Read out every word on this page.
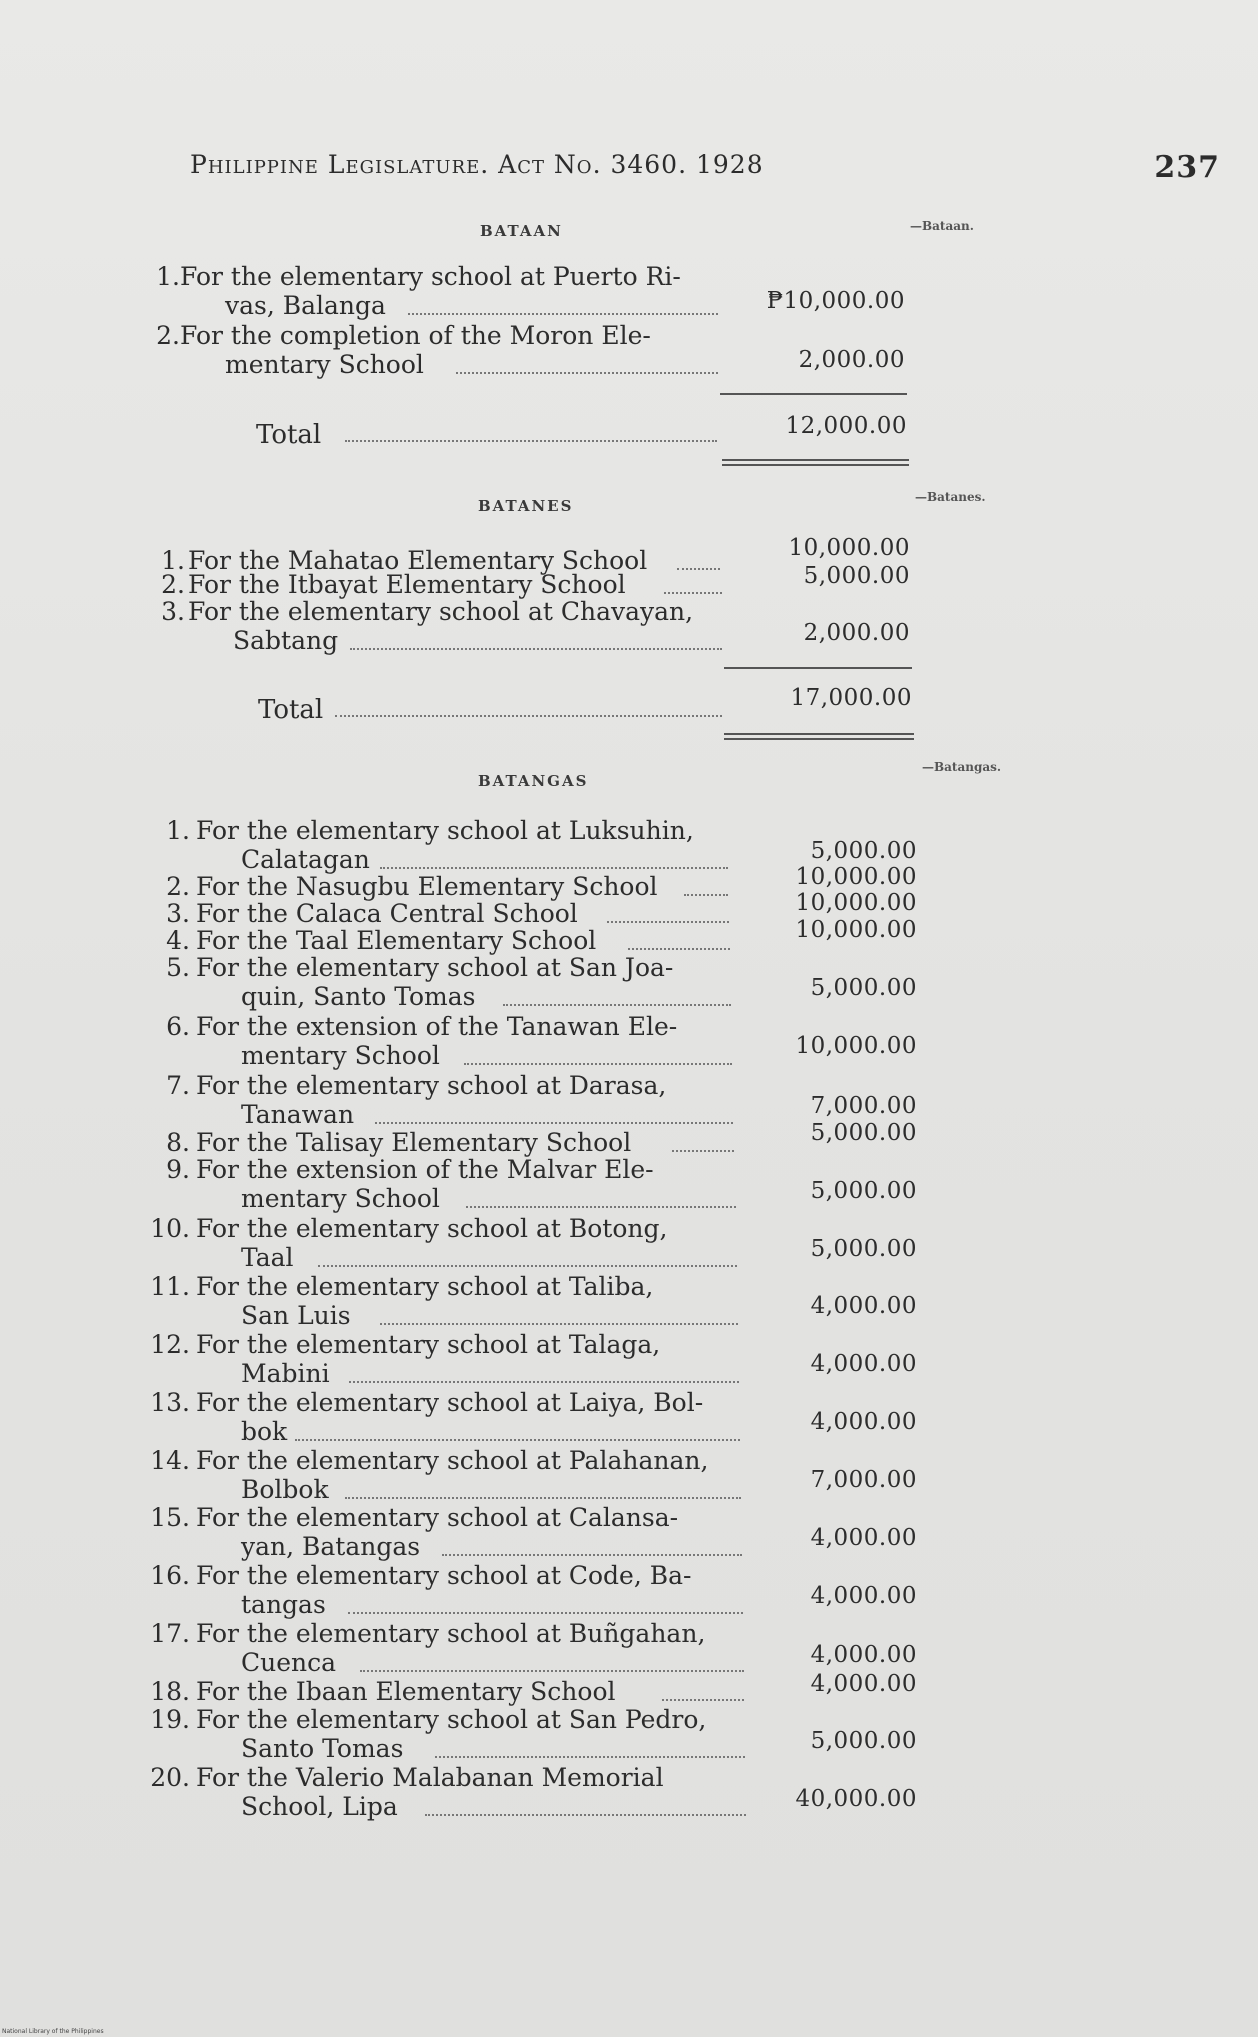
Philippine Legislature. Act No. 3460. 1928	237
BATAAN	—Bataan.
1. For the elementary school at Puerto Ri-
vas, Balanga	₱10,000.00
2. For the completion of the Moron Ele-
mentary School	2,000.00
Total	12,000.00
BATANES	—Batanes.
1. For the Mahatao Elementary School	10,000.00
2. For the Itbayat Elementary School	5,000.00
3. For the elementary school at Chavayan,
Sabtang	2,000.00
Total	17,000.00
BATANGAS
—Batangas.
1. For the elementary school at Luksuhin,
Calatagan	5,000.00
2. For the Nasugbu Elementary School	10,000.00
3. For the Calaca Central School	10,000.00
4. For the Taal Elementary School	10,000.00
5. For the elementary school at San Joa-
quin, Santo Tomas	5,000.00
6. For the extension of the Tanawan Ele-
mentary School	10,000.00
7. For the elementary school at Darasa,
Tanawan	7,000.00
8. For the Talisay Elementary School	5,000.00
9. For the extension of the Malvar Ele-
mentary School	5,000.00
10. For the elementary school at Botong,
Taal	5,000.00
11. For the elementary school at Taliba,
San Luis	4,000.00
12. For the elementary school at Talaga,
Mabini	4,000.00
13. For the elementary school at Laiya, Bol-
bok	4,000.00
14. For the elementary school at Palahanan,
Bolbok	7,000.00
15. For the elementary school at Calansa-
yan, Batangas	4,000.00
16. For the elementary school at Code, Ba-
tangas	4,000.00
17. For the elementary school at Buñgahan,
Cuenca	4,000.00
18. For the Ibaan Elementary School	4,000.00
19. For the elementary school at San Pedro,
Santo Tomas	5,000.00
20. For the Valerio Malabanan Memorial
School, Lipa	40,000.00
National Library of the Philippines
